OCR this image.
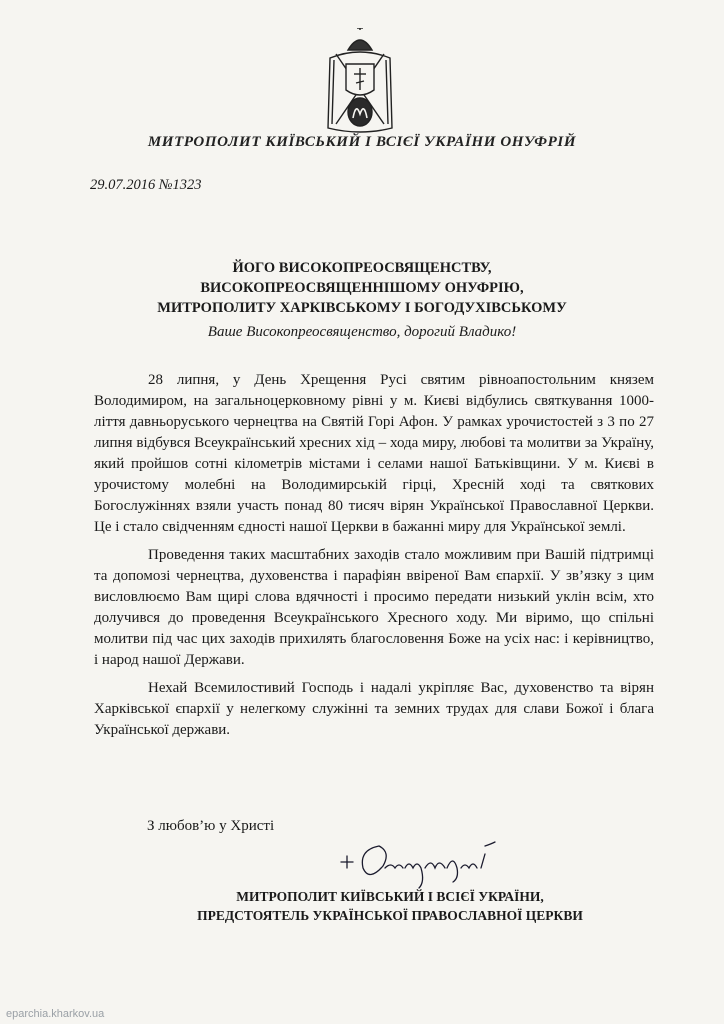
МИТРОПОЛИТ КИЇВСЬКИЙ І ВСІЄЇ УКРАЇНИ ОНУФРІЙ
29.07.2016 №1323
ЙОГО ВИСОКОПРЕОСВЯЩЕНСТВУ,
ВИСОКОПРЕОСВЯЩЕННІШОМУ ОНУФРІЮ,
МИТРОПОЛИТУ ХАРКІВСЬКОМУ І БОГОДУХІВСЬКОМУ
Ваше Високопреосвященство, дорогий Владико!

28 липня, у День Хрещення Русі святим рівноапостольним князем Володимиром, на загальноцерковному рівні у м. Києві відбулись святкування 1000-ліття давньоруського чернецтва на Святій Горі Афон. У рамках урочистостей з 3 по 27 липня відбувся Всеукраїнський хресних хід – хода миру, любові та молитви за Україну, який пройшов сотні кілометрів містами і селами нашої Батьківщини. У м. Києві в урочистому молебні на Володимирській гірці, Хресній ході та святкових Богослужіннях взяли участь понад 80 тисяч вірян Української Православної Церкви. Це і стало свідченням єдності нашої Церкви в бажанні миру для Української землі.

Проведення таких масштабних заходів стало можливим при Вашій підтримці та допомозі чернецтва, духовенства і парафіян ввіреної Вам єпархії. У зв’язку з цим висловлюємо Вам щирі слова вдячності і просимо передати низький уклін всім, хто долучився до проведення Всеукраїнського Хресного ходу. Ми віримо, що спільні молитви під час цих заходів прихилять благословення Боже на усіх нас: і керівництво, і народ нашої Держави.

Нехай Всемилостивий Господь і надалі укріпляє Вас, духовенство та вірян Харківської єпархії у нелегкому служінні та земних трудах для слави Божої і блага Української держави.

З любов’ю у Христі
МИТРОПОЛИТ КИЇВСЬКИЙ І ВСІЄЇ УКРАЇНИ,
ПРЕДСТОЯТЕЛЬ УКРАЇНСЬКОЇ ПРАВОСЛАВНОЇ ЦЕРКВИ
eparchia.kharkov.ua
